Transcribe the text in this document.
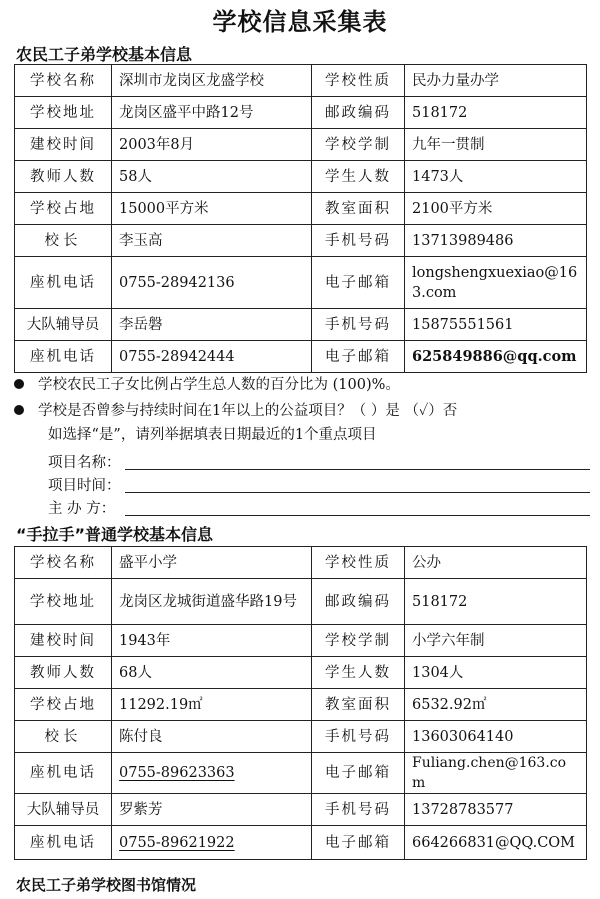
学校信息采集表
农民工子弟学校基本信息
学校名称	深圳市龙岗区龙盛学校	学校性质	民办力量办学
学校地址	龙岗区盛平中路12号	邮政编码	518172
建校时间	2003年8月	学校学制	九年一贯制
教师人数	58人	学生人数	1473人
学校占地	15000平方米	教室面积	2100平方米
校长	李玉高	手机号码	13713989486
座机电话	0755-28942136	电子邮箱	longshengxuexiao@163.com
大队辅导员	李岳磐	手机号码	15875551561
座机电话	0755-28942444	电子邮箱	625849886@qq.com
学校农民工子女比例占学生总人数的百分比为 (100)%。
学校是否曾参与持续时间在1年以上的公益项目？（ ）是 （✓）否
如选择“是”，请列举据填表日期最近的1个重点项目
项目名称：
项目时间：
主 办 方：
“手拉手”普通学校基本信息
学校名称	盛平小学	学校性质	公办
学校地址	龙岗区龙城街道盛华路19号	邮政编码	518172
建校时间	1943年	学校学制	小学六年制
教师人数	68人	学生人数	1304人
学校占地	11292.19㎡	教室面积	6532.92㎡
校长	陈付良	手机号码	13603064140
座机电话	0755-89623363	电子邮箱	Fuliang.chen@163.com
大队辅导员	罗紫芳	手机号码	13728783577
座机电话	0755-89621922	电子邮箱	664266831@QQ.COM
农民工子弟学校图书馆情况
